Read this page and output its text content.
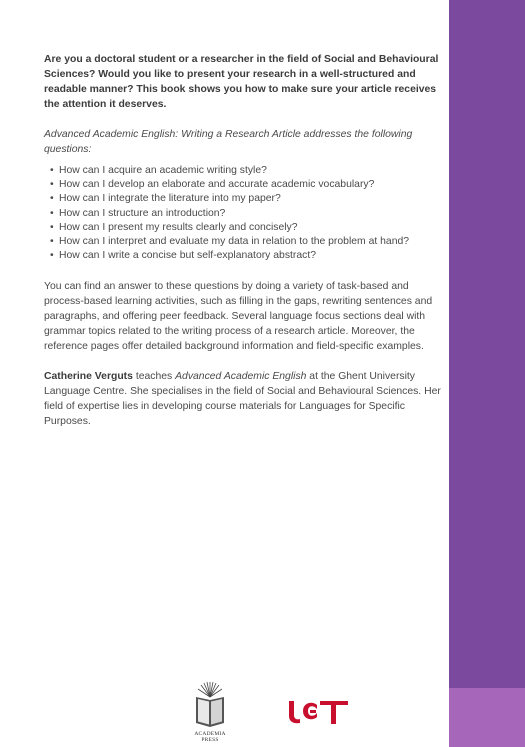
Are you a doctoral student or a researcher in the field of Social and Behavioural Sciences? Would you like to present your research in a well-structured and readable manner? This book shows you how to make sure your article receives the attention it deserves.

Advanced Academic English: Writing a Research Article addresses the following questions:

• How can I acquire an academic writing style?
• How can I develop an elaborate and accurate academic vocabulary?
• How can I integrate the literature into my paper?
• How can I structure an introduction?
• How can I present my results clearly and concisely?
• How can I interpret and evaluate my data in relation to the problem at hand?
• How can I write a concise but self-explanatory abstract?

You can find an answer to these questions by doing a variety of task-based and process-based learning activities, such as filling in the gaps, rewriting sentences and paragraphs, and offering peer feedback. Several language focus sections deal with grammar topics related to the writing process of a research article. Moreover, the reference pages offer detailed background information and field-specific examples.

Catherine Verguts teaches Advanced Academic English at the Ghent University Language Centre. She specialises in the field of Social and Behavioural Sciences. Her field of expertise lies in developing course materials for Languages for Specific Purposes.

ACADEMIA PRESS
